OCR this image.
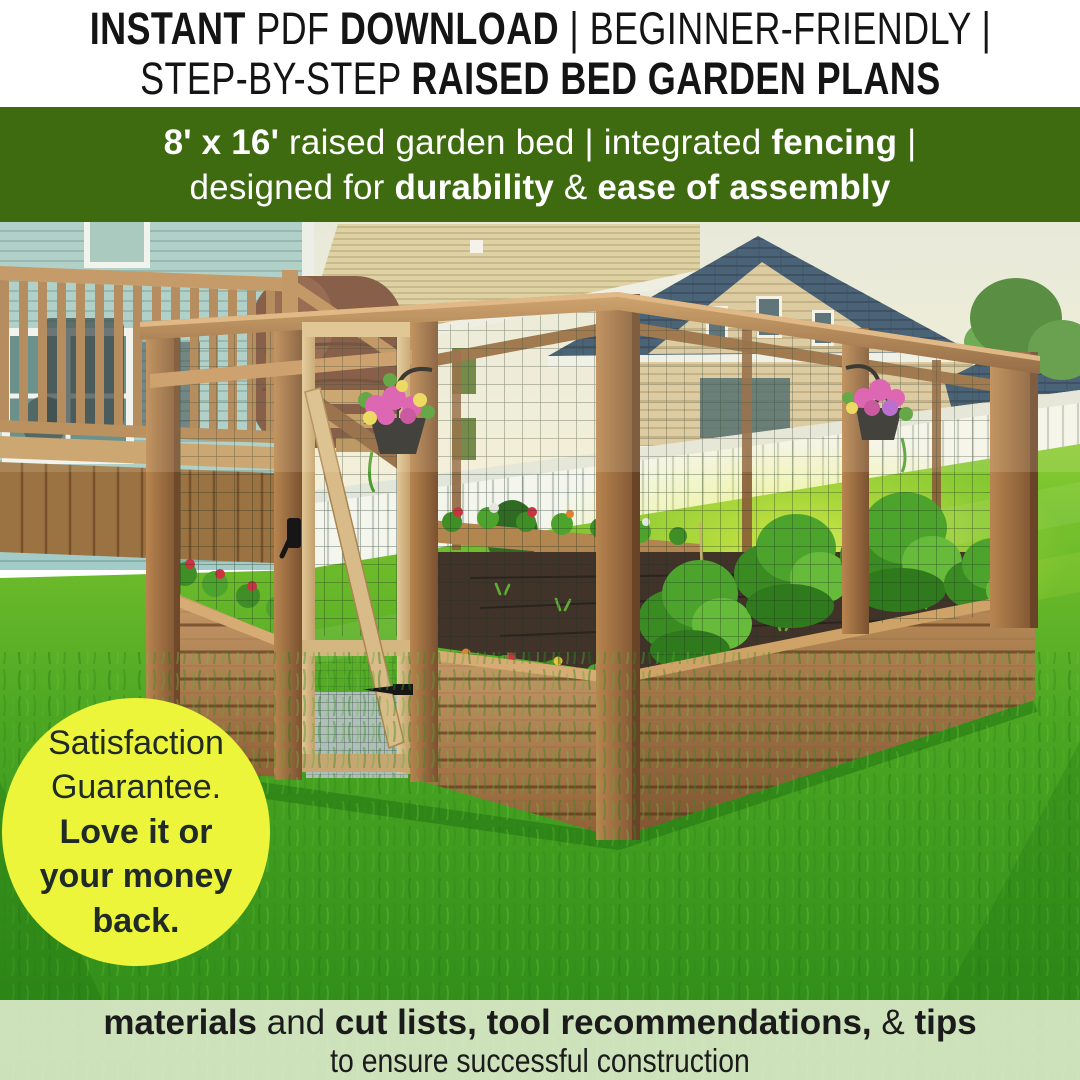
INSTANT PDF DOWNLOAD | BEGINNER-FRIENDLY |
STEP-BY-STEP RAISED BED GARDEN PLANS
8' x 16' raised garden bed | integrated fencing |
designed for durability & ease of assembly
Satisfaction
Guarantee.
Love it or
your money
back.
materials and cut lists, tool recommendations, & tips
to ensure successful construction
